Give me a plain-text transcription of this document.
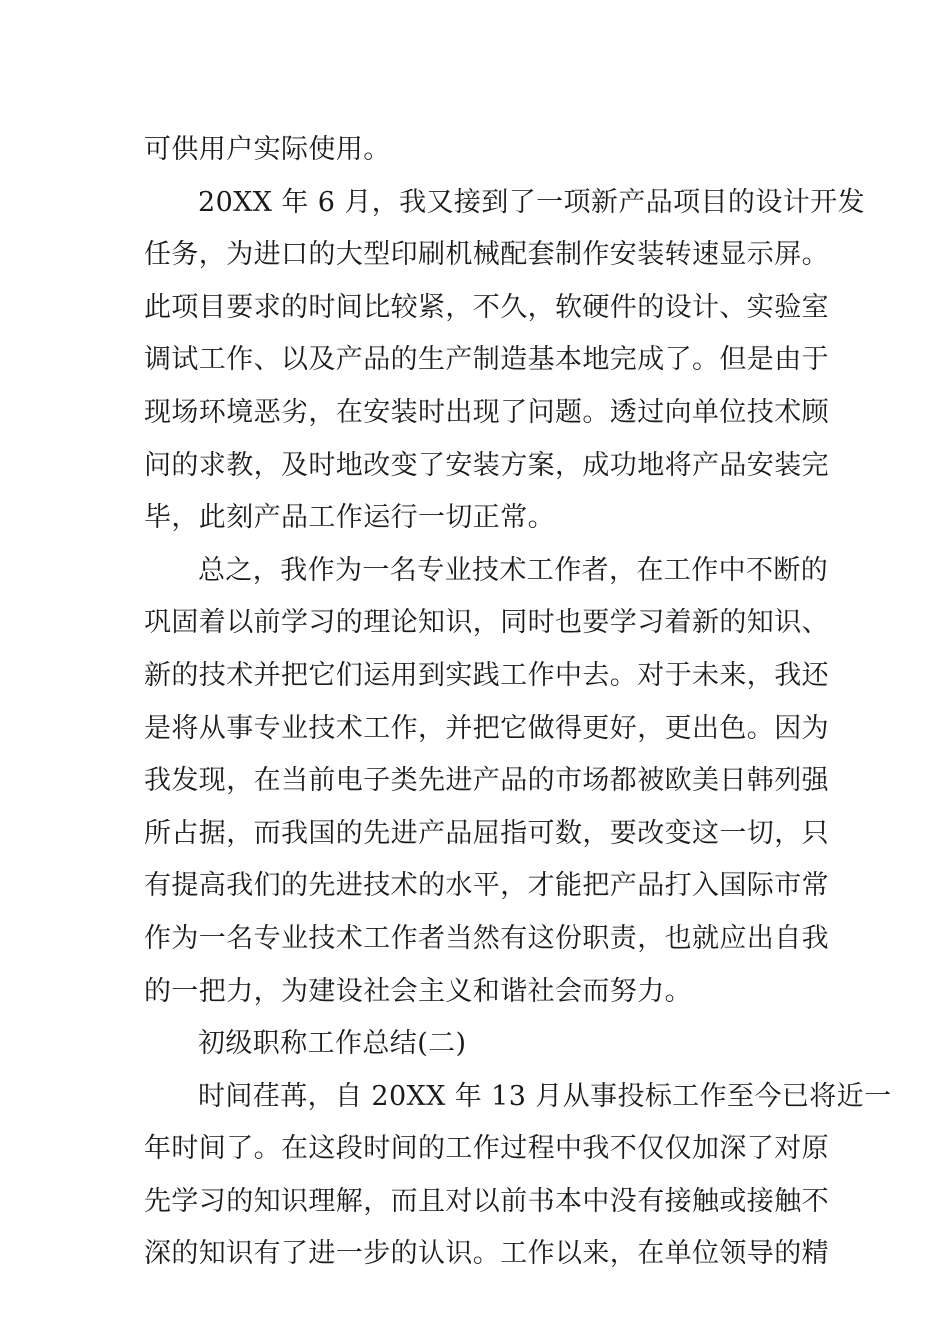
可供用户实际使用。
20XX 年 6 月，我又接到了一项新产品项目的设计开发
任务，为进口的大型印刷机械配套制作安装转速显示屏。
此项目要求的时间比较紧，不久，软硬件的设计、实验室
调试工作、以及产品的生产制造基本地完成了。但是由于
现场环境恶劣，在安装时出现了问题。透过向单位技术顾
问的求教，及时地改变了安装方案，成功地将产品安装完
毕，此刻产品工作运行一切正常。
总之，我作为一名专业技术工作者，在工作中不断的
巩固着以前学习的理论知识，同时也要学习着新的知识、
新的技术并把它们运用到实践工作中去。对于未来，我还
是将从事专业技术工作，并把它做得更好，更出色。因为
我发现，在当前电子类先进产品的市场都被欧美日韩列强
所占据，而我国的先进产品屈指可数，要改变这一切，只
有提高我们的先进技术的水平，才能把产品打入国际市常
作为一名专业技术工作者当然有这份职责，也就应出自我
的一把力，为建设社会主义和谐社会而努力。
初级职称工作总结(二)
时间荏苒，自 20XX 年 13 月从事投标工作至今已将近一
年时间了。在这段时间的工作过程中我不仅仅加深了对原
先学习的知识理解，而且对以前书本中没有接触或接触不
深的知识有了进一步的认识。工作以来，在单位领导的精
